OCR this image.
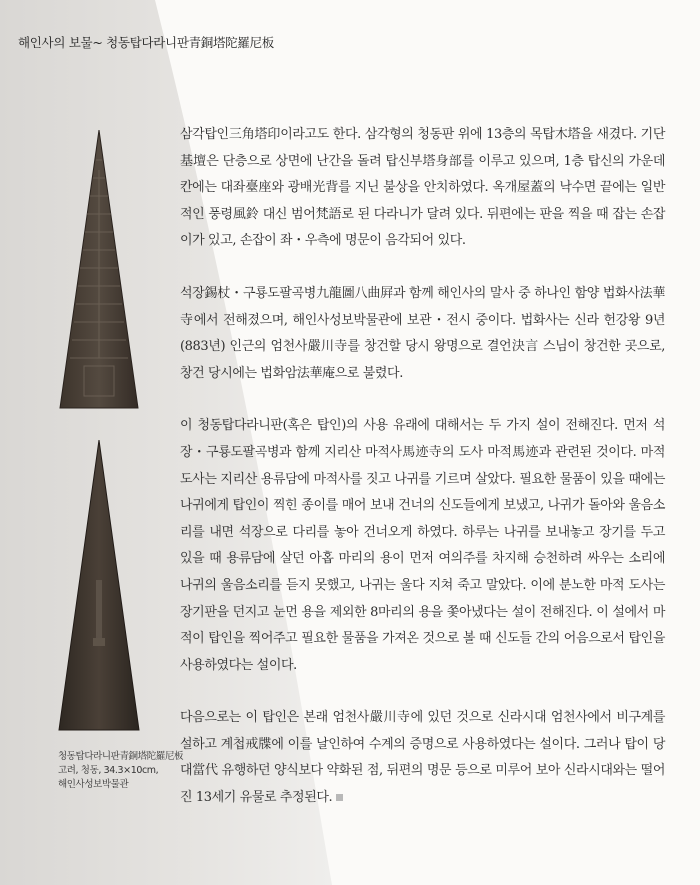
해인사의 보물~ 청동탑다라니판青銅塔陀羅尼板
청동탑다라니판青銅塔陀羅尼板
고려, 청동, 34.3×10cm,
해인사성보박물관

삼각탑인三角塔印이라고도 한다. 삼각형의 청동판 위에 13층의 목탑木塔을 새겼다. 기단基壇은 단층으로 상면에 난간을 돌려 탑신부塔身部를 이루고 있으며, 1층 탑신의 가운데 칸에는 대좌臺座와 광배光背를 지닌 불상을 안치하였다. 옥개屋蓋의 낙수면 끝에는 일반적인 풍령風鈴 대신 범어梵語로 된 다라니가 달려 있다. 뒤편에는 판을 찍을 때 잡는 손잡이가 있고, 손잡이 좌・우측에 명문이 음각되어 있다.

석장錫杖・구룡도팔곡병九龍圖八曲屛과 함께 해인사의 말사 중 하나인 함양 법화사法華寺에서 전해졌으며, 해인사성보박물관에 보관・전시 중이다. 법화사는 신라 헌강왕 9년(883년) 인근의 엄천사嚴川寺를 창건할 당시 왕명으로 결언決言 스님이 창건한 곳으로, 창건 당시에는 법화암法華庵으로 불렸다.

이 청동탑다라니판(혹은 탑인)의 사용 유래에 대해서는 두 가지 설이 전해진다. 먼저 석장・구룡도팔곡병과 함께 지리산 마적사馬迹寺의 도사 마적馬迹과 관련된 것이다. 마적 도사는 지리산 용류담에 마적사를 짓고 나귀를 기르며 살았다. 필요한 물품이 있을 때에는 나귀에게 탑인이 찍힌 종이를 매어 보내 건너의 신도들에게 보냈고, 나귀가 돌아와 울음소리를 내면 석장으로 다리를 놓아 건너오게 하였다. 하루는 나귀를 보내놓고 장기를 두고 있을 때 용류담에 살던 아홉 마리의 용이 먼저 여의주를 차지해 승천하려 싸우는 소리에 나귀의 울음소리를 듣지 못했고, 나귀는 울다 지쳐 죽고 말았다. 이에 분노한 마적 도사는 장기판을 던지고 눈먼 용을 제외한 8마리의 용을 쫓아냈다는 설이 전해진다. 이 설에서 마적이 탑인을 찍어주고 필요한 물품을 가져온 것으로 볼 때 신도들 간의 어음으로서 탑인을 사용하였다는 설이다.

다음으로는 이 탑인은 본래 엄천사嚴川寺에 있던 것으로 신라시대 엄천사에서 비구계를 설하고 계첩戒牒에 이를 날인하여 수계의 증명으로 사용하였다는 설이다. 그러나 탑이 당대當代 유행하던 양식보다 약화된 점, 뒤편의 명문 등으로 미루어 보아 신라시대와는 떨어진 13세기 유물로 추정된다.
